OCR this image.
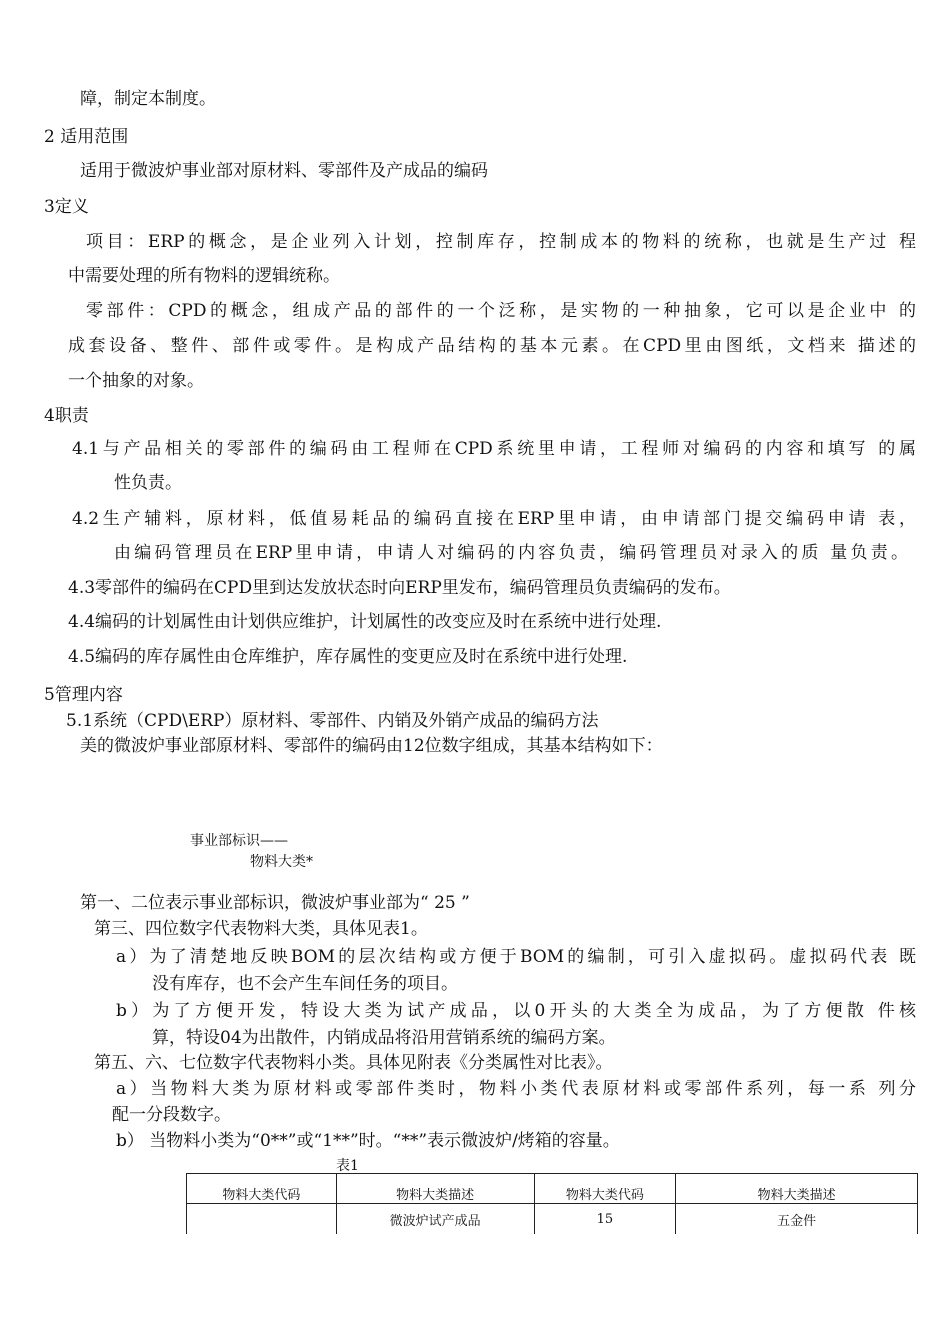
障，制定本制度。
2 适用范围
适用于微波炉事业部对原材料、零部件及产成品的编码
3定义
项目：ERP的概念，是企业列入计划，控制库存，控制成本的物料的统称，也就是生产过 程
中需要处理的所有物料的逻辑统称。
零部件：CPD的概念，组成产品的部件的一个泛称，是实物的一种抽象，它可以是企业中 的
成套设备、整件、部件或零件。是构成产品结构的基本元素。在CPD里由图纸，文档来 描述的
一个抽象的对象。
4职责
4.1与产品相关的零部件的编码由工程师在CPD系统里申请，工程师对编码的内容和填写 的属
性负责。
4.2生产辅料，原材料，低值易耗品的编码直接在ERP里申请，由申请部门提交编码申请 表，
由编码管理员在ERP里申请，申请人对编码的内容负责，编码管理员对录入的质 量负责。
4.3零部件的编码在CPD里到达发放状态时向ERP里发布，编码管理员负责编码的发布。
4.4编码的计划属性由计划供应维护，计划属性的改变应及时在系统中进行处理.
4.5编码的库存属性由仓库维护，库存属性的变更应及时在系统中进行处理.
5管理内容
5.1系统（CPD\ERP）原材料、零部件、内销及外销产成品的编码方法
美的微波炉事业部原材料、零部件的编码由12位数字组成，其基本结构如下：
事业部标识——
物料大类*
第一、二位表示事业部标识，微波炉事业部为“ 25 ”
第三、四位数字代表物料大类，具体见表1。
a）为了清楚地反映BOM的层次结构或方便于BOM的编制，可引入虚拟码。虚拟码代表 既
没有库存，也不会产生车间任务的项目。
b）为了方便开发，特设大类为试产成品，以0开头的大类全为成品，为了方便散 件核
算，特设04为出散件，内销成品将沿用营销系统的编码方案。
第五、六、七位数字代表物料小类。具体见附表《分类属性对比表》。
a）当物料大类为原材料或零部件类时，物料小类代表原材料或零部件系列，每一系 列分
配一分段数字。
b） 当物料小类为“0**”或“1**”时。“**”表示微波炉/烤箱的容量。
表1
物料大类代码	物料大类描述	物料大类代码	物料大类描述
	微波炉试产成品	15	五金件
